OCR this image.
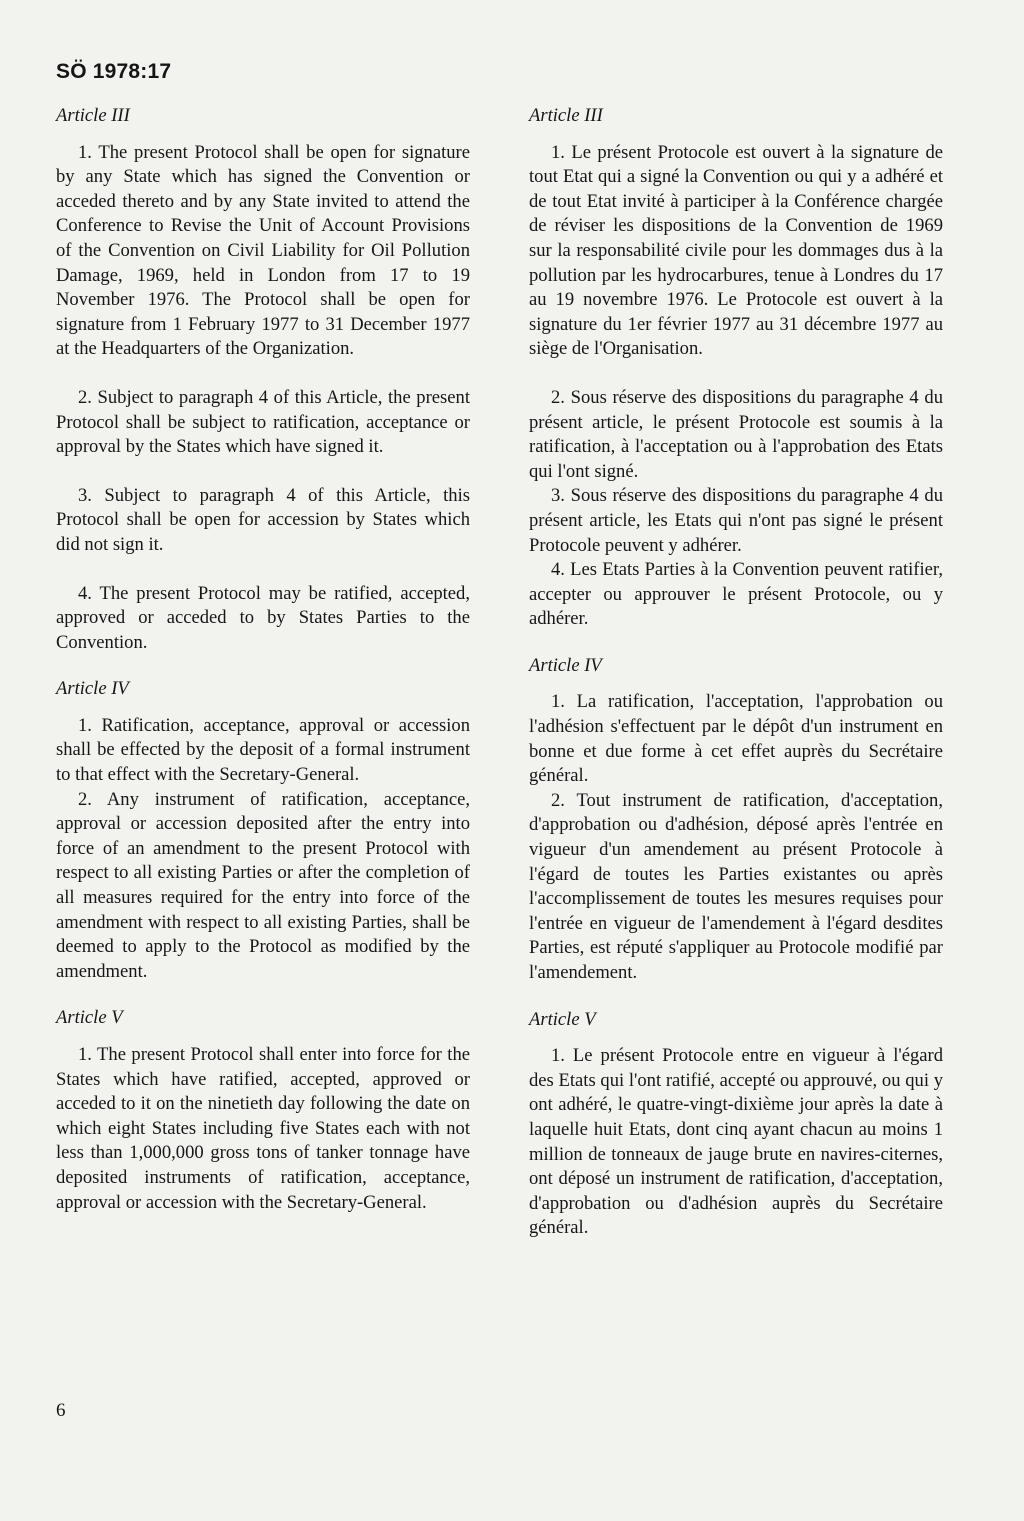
SÖ 1978:17

Article III

1. The present Protocol shall be open for signature by any State which has signed the Convention or acceded thereto and by any State invited to attend the Conference to Revise the Unit of Account Provisions of the Convention on Civil Liability for Oil Pollution Damage, 1969, held in London from 17 to 19 November 1976. The Protocol shall be open for signature from 1 February 1977 to 31 December 1977 at the Headquarters of the Organization.

2. Subject to paragraph 4 of this Article, the present Protocol shall be subject to ratification, acceptance or approval by the States which have signed it.

3. Subject to paragraph 4 of this Article, this Protocol shall be open for accession by States which did not sign it.

4. The present Protocol may be ratified, accepted, approved or acceded to by States Parties to the Convention.

Article IV

1. Ratification, acceptance, approval or accession shall be effected by the deposit of a formal instrument to that effect with the Secretary-General.

2. Any instrument of ratification, acceptance, approval or accession deposited after the entry into force of an amendment to the present Protocol with respect to all existing Parties or after the completion of all measures required for the entry into force of the amendment with respect to all existing Parties, shall be deemed to apply to the Protocol as modified by the amendment.

Article V

1. The present Protocol shall enter into force for the States which have ratified, accepted, approved or acceded to it on the ninetieth day following the date on which eight States including five States each with not less than 1,000,000 gross tons of tanker tonnage have deposited instruments of ratification, acceptance, approval or accession with the Secretary-General.

Article III

1. Le présent Protocole est ouvert à la signature de tout Etat qui a signé la Convention ou qui y a adhéré et de tout Etat invité à participer à la Conférence chargée de réviser les dispositions de la Convention de 1969 sur la responsabilité civile pour les dommages dus à la pollution par les hydrocarbures, tenue à Londres du 17 au 19 novembre 1976. Le Protocole est ouvert à la signature du 1er février 1977 au 31 décembre 1977 au siège de l'Organisation.

2. Sous réserve des dispositions du paragraphe 4 du présent article, le présent Protocole est soumis à la ratification, à l'acceptation ou à l'approbation des Etats qui l'ont signé.

3. Sous réserve des dispositions du paragraphe 4 du présent article, les Etats qui n'ont pas signé le présent Protocole peuvent y adhérer.

4. Les Etats Parties à la Convention peuvent ratifier, accepter ou approuver le présent Protocole, ou y adhérer.

Article IV

1. La ratification, l'acceptation, l'approbation ou l'adhésion s'effectuent par le dépôt d'un instrument en bonne et due forme à cet effet auprès du Secrétaire général.

2. Tout instrument de ratification, d'acceptation, d'approbation ou d'adhésion, déposé après l'entrée en vigueur d'un amendement au présent Protocole à l'égard de toutes les Parties existantes ou après l'accomplissement de toutes les mesures requises pour l'entrée en vigueur de l'amendement à l'égard desdites Parties, est réputé s'appliquer au Protocole modifié par l'amendement.

Article V

1. Le présent Protocole entre en vigueur à l'égard des Etats qui l'ont ratifié, accepté ou approuvé, ou qui y ont adhéré, le quatre-vingt-dixième jour après la date à laquelle huit Etats, dont cinq ayant chacun au moins 1 million de tonneaux de jauge brute en navires-citernes, ont déposé un instrument de ratification, d'acceptation, d'approbation ou d'adhésion auprès du Secrétaire général.

6
